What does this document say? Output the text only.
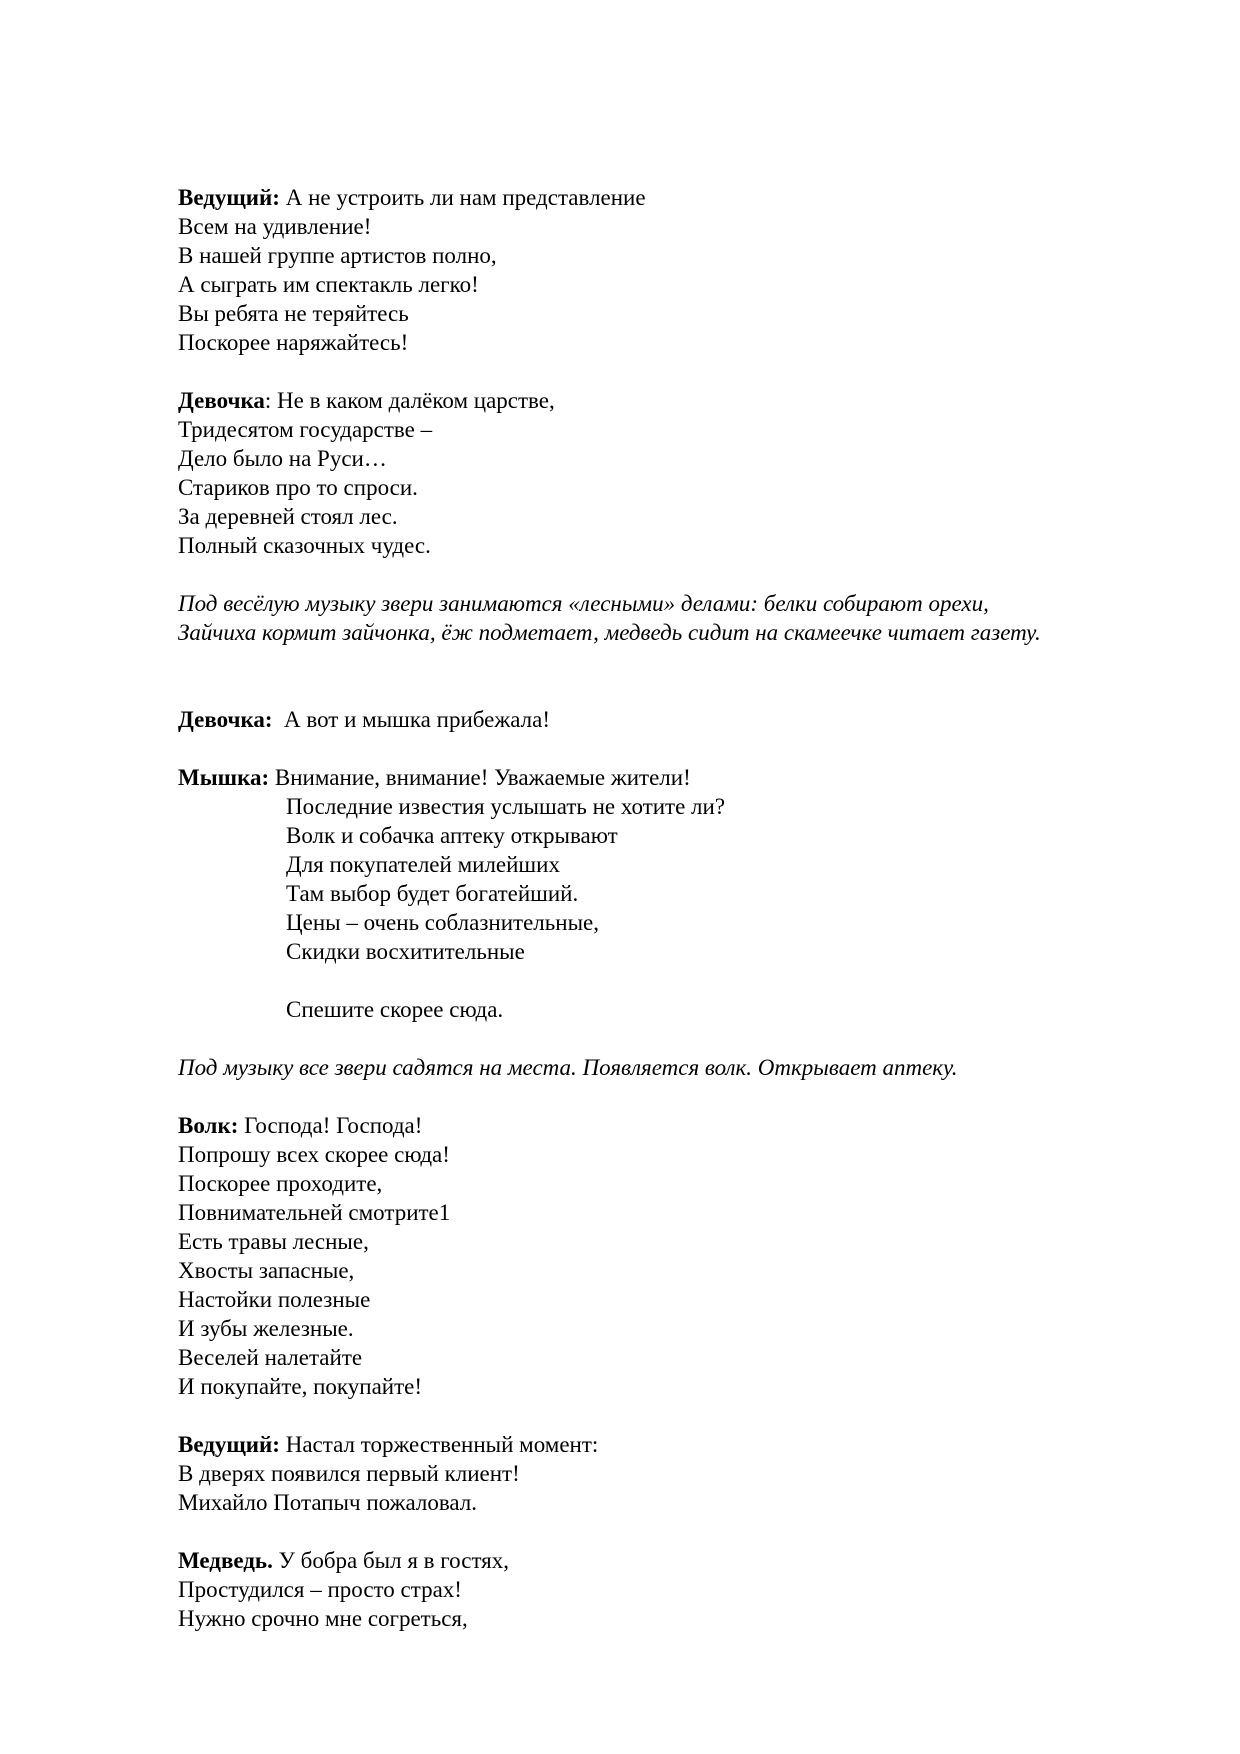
Ведущий: А не устроить ли нам представление
Всем на удивление!
В нашей группе артистов полно,
А сыграть им спектакль легко!
Вы ребята не теряйтесь
Поскорее наряжайтесь!
Девочка: Не в каком далёком царстве,
Тридесятом государстве –
Дело было на Руси…
Стариков про то спроси.
За деревней стоял лес.
Полный сказочных чудес.
Под весёлую музыку звери занимаются «лесными» делами: белки собирают орехи,
Зайчиха кормит зайчонка, ёж подметает, медведь сидит на скамеечке читает газету.
Девочка:  А вот и мышка прибежала!
Мышка: Внимание, внимание! Уважаемые жители!
Последние известия услышать не хотите ли?
Волк и собачка аптеку открывают
Для покупателей милейших
Там выбор будет богатейший.
Цены – очень соблазнительные,
Скидки восхитительные
Спешите скорее сюда.
Под музыку все звери садятся на места. Появляется волк. Открывает аптеку.
Волк: Господа! Господа!
Попрошу всех скорее сюда!
Поскорее проходите,
Повнимательней смотрите1
Есть травы лесные,
Хвосты запасные,
Настойки полезные
И зубы железные.
Веселей налетайте
И покупайте, покупайте!
Ведущий: Настал торжественный момент:
В дверях появился первый клиент!
Михайло Потапыч пожаловал.
Медведь. У бобра был я в гостях,
Простудился – просто страх!
Нужно срочно мне согреться,
